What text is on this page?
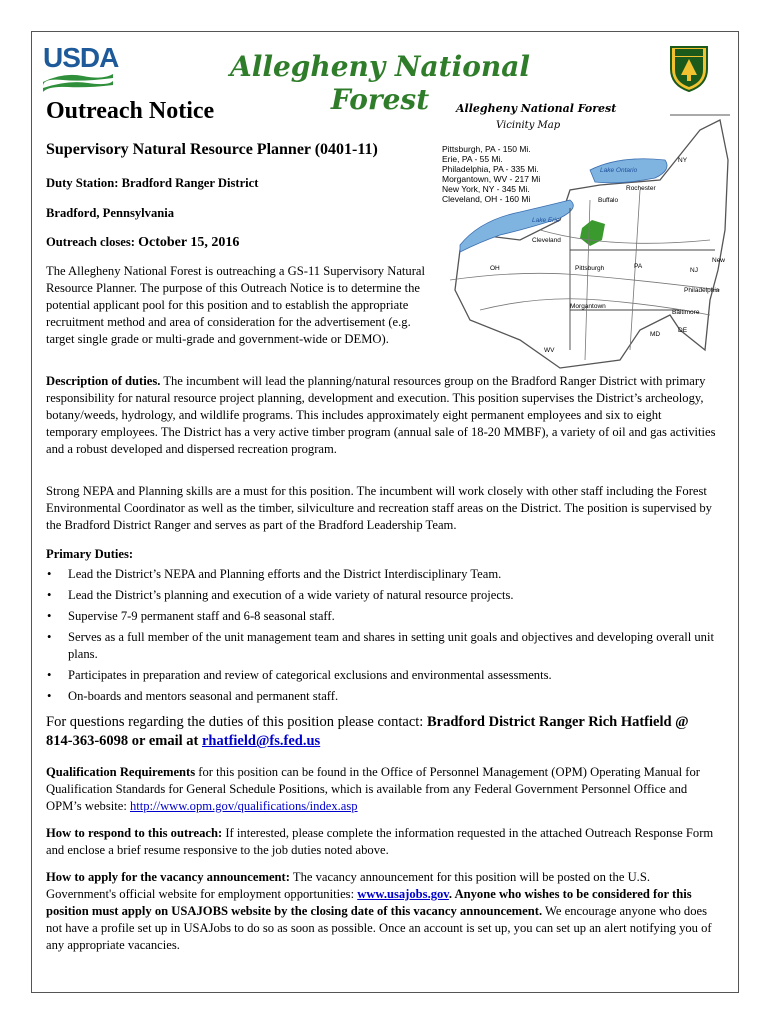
USDA	Allegheny National Forest
Outreach Notice
Supervisory Natural Resource Planner (0401-11)
Duty Station: Bradford Ranger District
Bradford, Pennsylvania
Outreach closes: October 15, 2016
The Allegheny National Forest is outreaching a GS-11 Supervisory Natural Resource Planner. The purpose of this Outreach Notice is to determine the potential applicant pool for this position and to establish the appropriate recruitment method and area of consideration for the advertisement (e.g. target single grade or multi-grade and government-wide or DEMO).
Allegheny National Forest
Vicinity Map
Pittsburgh, PA - 150 Mi.
Erie, PA - 55 Mi.
Philadelphia, PA - 335 Mi.
Morgantown, WV - 217 Mi
New York, NY - 345 Mi.
Cleveland, OH - 160 Mi
NY
Lake Ontario
Rochester
Buffalo
Lake Erie
Cleveland
OH	Pittsburgh	PA
NJ
New
Philadelphia
Morgantown
Baltimore
MD
DE
WV
Description of duties. The incumbent will lead the planning/natural resources group on the Bradford Ranger District with primary responsibility for natural resource project planning, development and execution. This position supervises the District’s archeology, botany/weeds, hydrology, and wildlife programs. This includes approximately eight permanent employees and six to eight temporary employees. The District has a very active timber program (annual sale of 18-20 MMBF), a variety of oil and gas activities and a robust developed and dispersed recreation program.
Strong NEPA and Planning skills are a must for this position. The incumbent will work closely with other staff including the Forest Environmental Coordinator as well as the timber, silviculture and recreation staff areas on the District. The position is supervised by the Bradford District Ranger and serves as part of the Bradford Leadership Team.
Primary Duties:
• Lead the District’s NEPA and Planning efforts and the District Interdisciplinary Team.
• Lead the District’s planning and execution of a wide variety of natural resource projects.
• Supervise 7-9 permanent staff and 6-8 seasonal staff.
• Serves as a full member of the unit management team and shares in setting unit goals and objectives and developing overall unit plans.
• Participates in preparation and review of categorical exclusions and environmental assessments.
• On-boards and mentors seasonal and permanent staff.
For questions regarding the duties of this position please contact: Bradford District Ranger Rich Hatfield @ 814-363-6098 or email at rhatfield@fs.fed.us
Qualification Requirements for this position can be found in the Office of Personnel Management (OPM) Operating Manual for Qualification Standards for General Schedule Positions, which is available from any Federal Government Personnel Office and OPM’s website: http://www.opm.gov/qualifications/index.asp
How to respond to this outreach: If interested, please complete the information requested in the attached Outreach Response Form and enclose a brief resume responsive to the job duties noted above.
How to apply for the vacancy announcement: The vacancy announcement for this position will be posted on the U.S. Government's official website for employment opportunities: www.usajobs.gov. Anyone who wishes to be considered for this position must apply on USAJOBS website by the closing date of this vacancy announcement. We encourage anyone who does not have a profile set up in USAJobs to do so as soon as possible. Once an account is set up, you can set up an alert notifying you of any appropriate vacancies.
